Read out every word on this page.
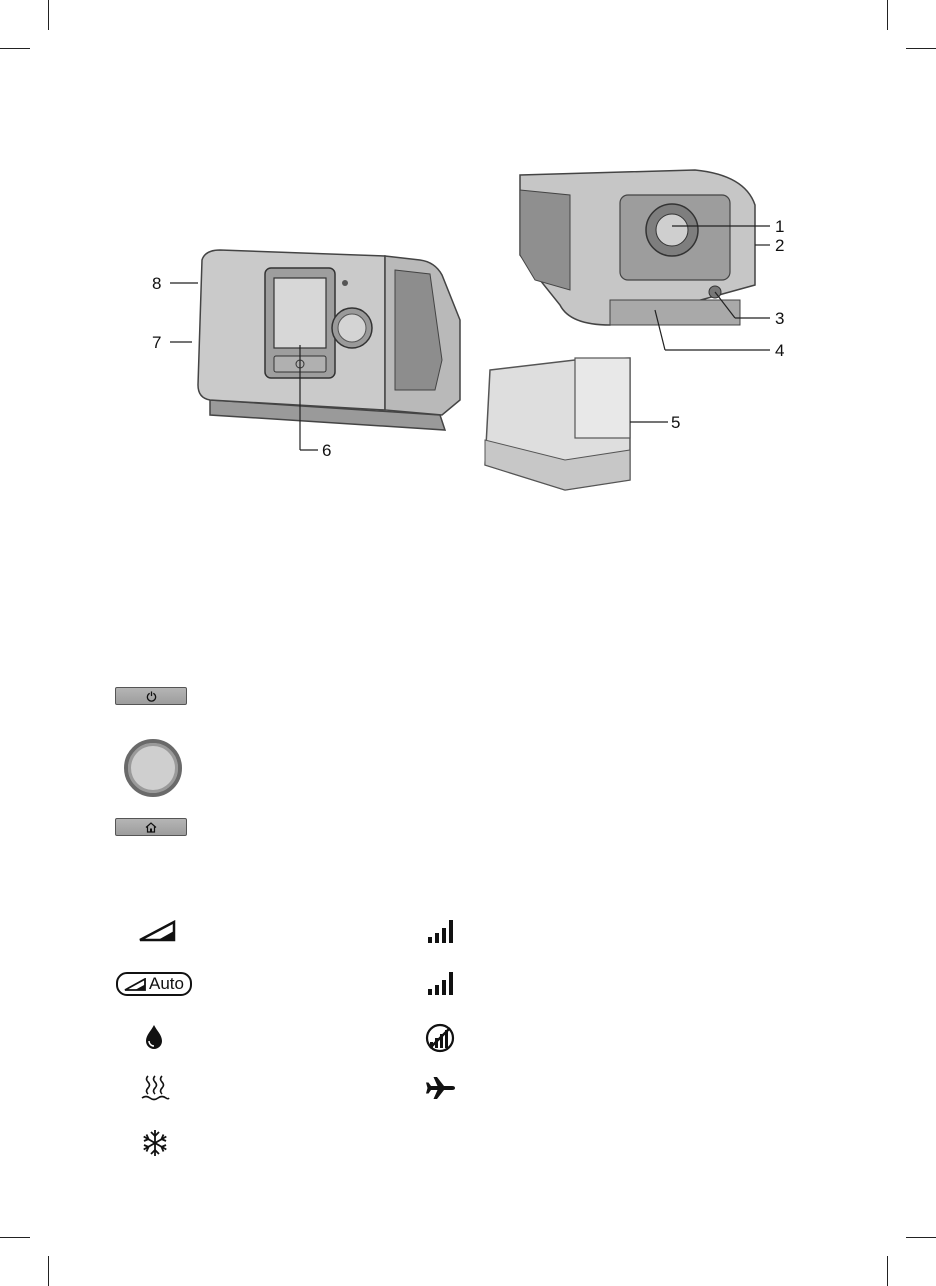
1
2
3
4
5
6
7
8
Auto
